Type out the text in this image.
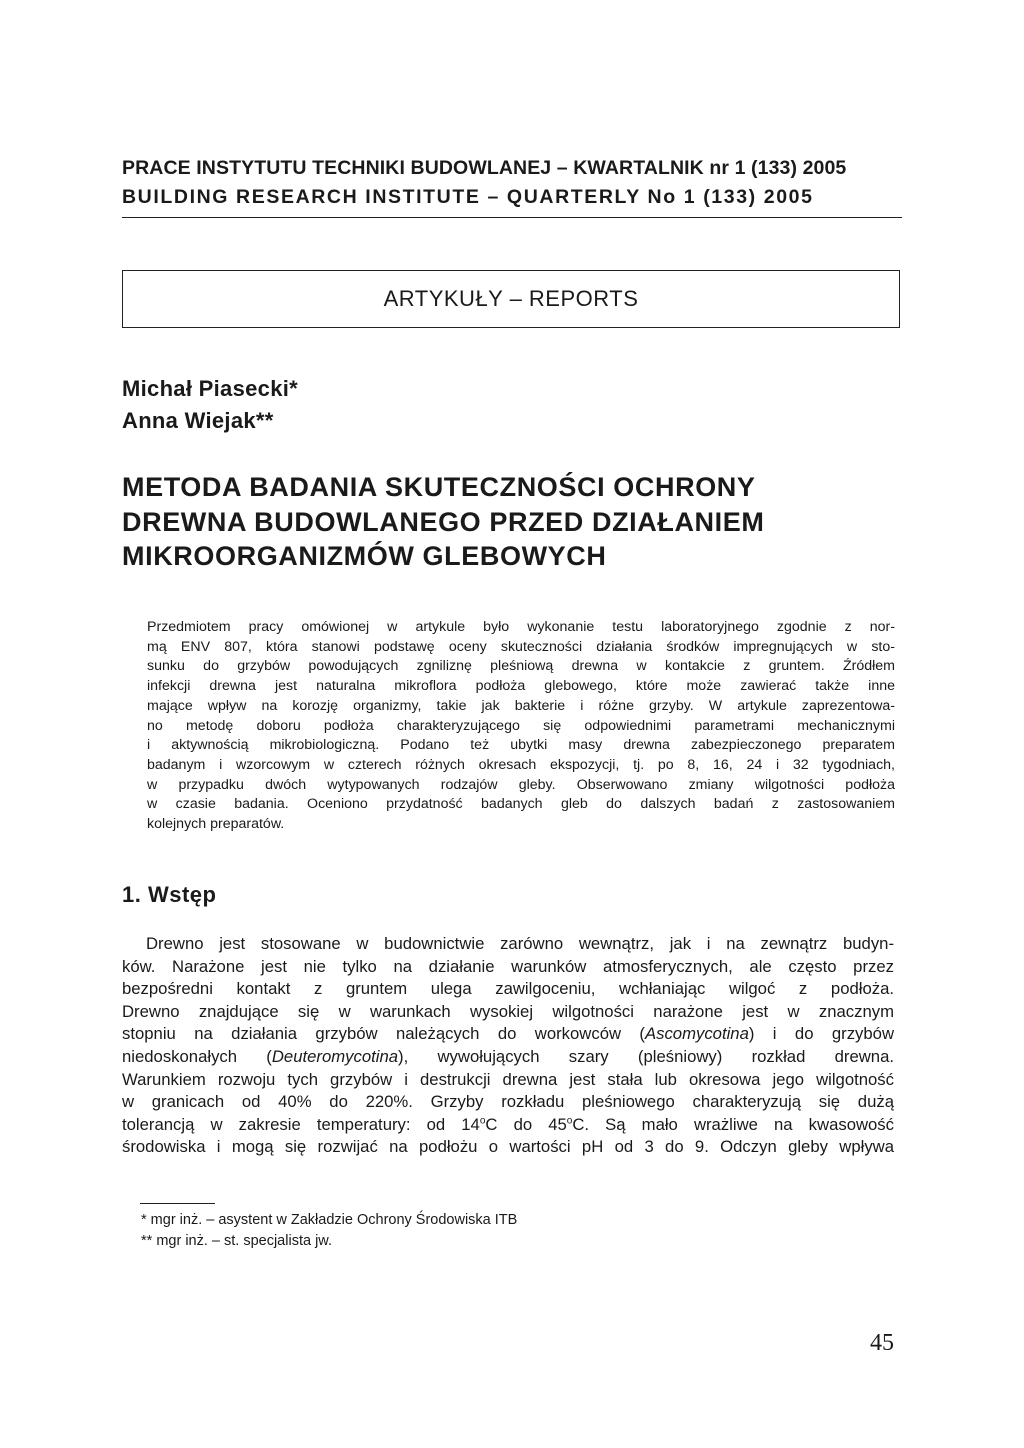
PRACE INSTYTUTU TECHNIKI BUDOWLANEJ – KWARTALNIK nr 1 (133) 2005
BUILDING RESEARCH INSTITUTE – QUARTERLY No 1 (133) 2005
ARTYKUŁY – REPORTS
Michał Piasecki*
Anna Wiejak**
METODA BADANIA SKUTECZNOŚCI OCHRONY
DREWNA BUDOWLANEGO PRZED DZIAŁANIEM
MIKROORGANIZMÓW GLEBOWYCH
Przedmiotem pracy omówionej w artykule było wykonanie testu laboratoryjnego zgodnie z nor-
mą ENV 807, która stanowi podstawę oceny skuteczności działania środków impregnujących w sto-
sunku do grzybów powodujących zgniliznę pleśniową drewna w kontakcie z gruntem. Źródłem
infekcji drewna jest naturalna mikroflora podłoża glebowego, które może zawierać także inne
mające wpływ na korozję organizmy, takie jak bakterie i różne grzyby. W artykule zaprezentowa-
no metodę doboru podłoża charakteryzującego się odpowiednimi parametrami mechanicznymi
i aktywnością mikrobiologiczną. Podano też ubytki masy drewna zabezpieczonego preparatem
badanym i wzorcowym w czterech różnych okresach ekspozycji, tj. po 8, 16, 24 i 32 tygodniach,
w przypadku dwóch wytypowanych rodzajów gleby. Obserwowano zmiany wilgotności podłoża
w czasie badania. Oceniono przydatność badanych gleb do dalszych badań z zastosowaniem
kolejnych preparatów.
1. Wstęp
Drewno jest stosowane w budownictwie zarówno wewnątrz, jak i na zewnątrz budyn-
ków. Narażone jest nie tylko na działanie warunków atmosferycznych, ale często przez
bezpośredni kontakt z gruntem ulega zawilgoceniu, wchłaniając wilgoć z podłoża.
Drewno znajdujące się w warunkach wysokiej wilgotności narażone jest w znacznym
stopniu na działania grzybów należących do workowców (Ascomycotina) i do grzybów
niedoskonałych (Deuteromycotina), wywołujących szary (pleśniowy) rozkład drewna.
Warunkiem rozwoju tych grzybów i destrukcji drewna jest stała lub okresowa jego wilgotność
w granicach od 40% do 220%. Grzyby rozkładu pleśniowego charakteryzują się dużą
tolerancją w zakresie temperatury: od 14$^o$C do 45$^o$C. Są mało wrażliwe na kwasowość
środowiska i mogą się rozwijać na podłożu o wartości pH od 3 do 9. Odczyn gleby wpływa
* mgr inż. – asystent w Zakładzie Ochrony Środowiska ITB
** mgr inż. – st. specjalista jw.
45
